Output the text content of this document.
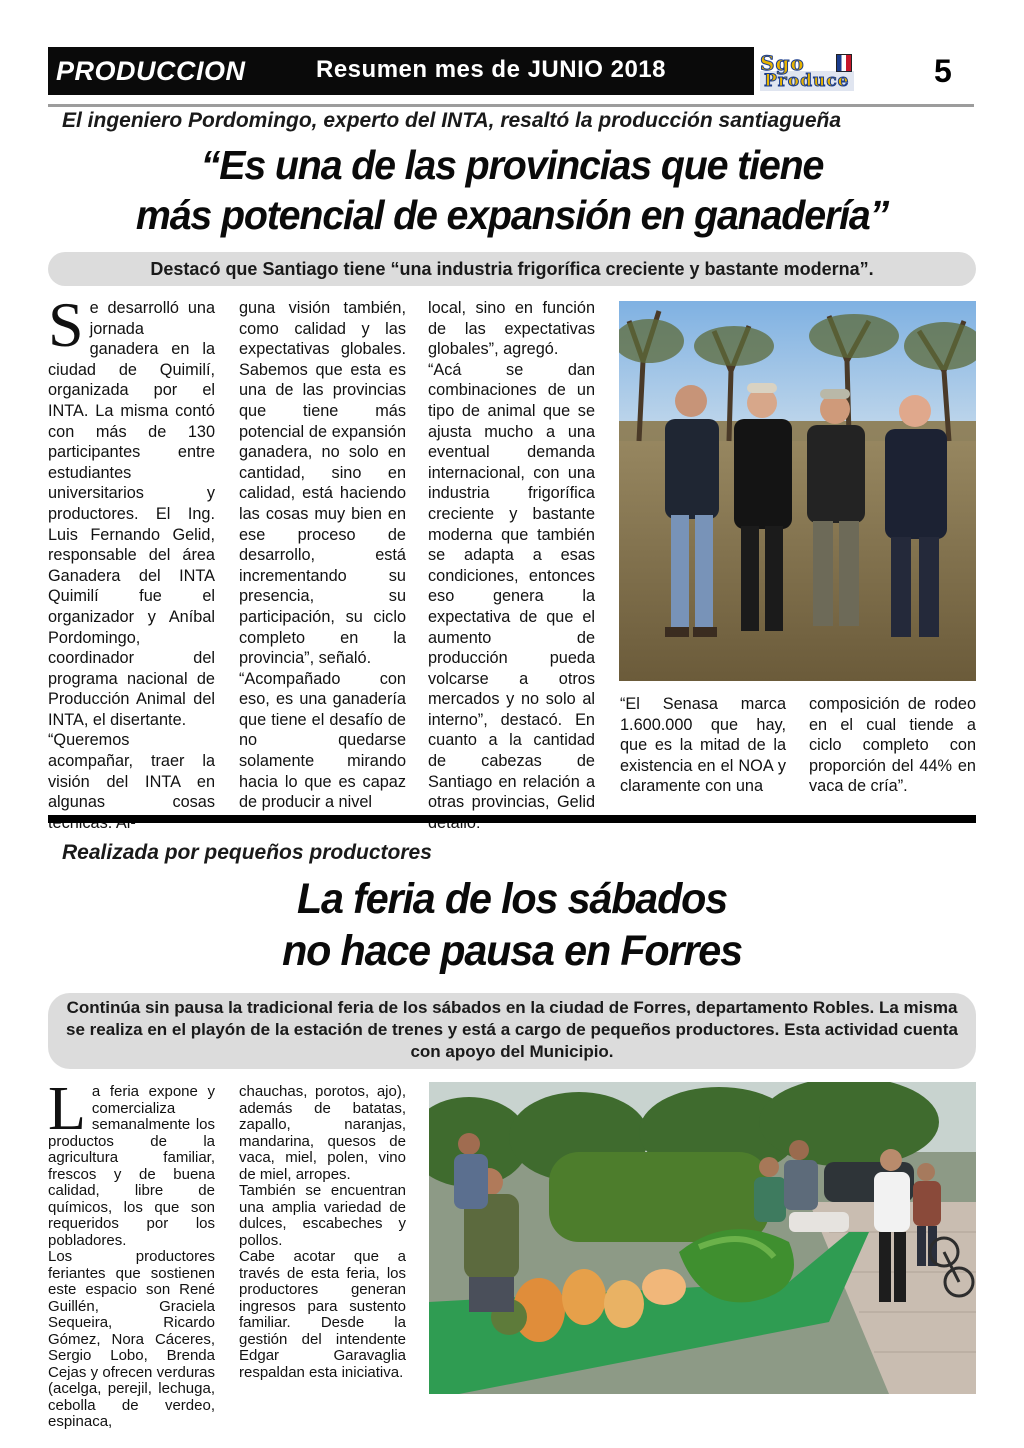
PRODUCCION	Resumen mes de JUNIO 2018	Sgo
Produce	5
El ingeniero Pordomingo, experto del INTA, resaltó la producción santiagueña
“Es una de las provincias que tiene
más potencial de expansión en ganadería”
Destacó que Santiago tiene “una industria frigorífica creciente y bastante moderna”.
S e desarrolló una jornada ganadera en la ciudad de Quimilí, organizada por el INTA. La misma contó con más de 130 participantes entre estudiantes universitarios y productores. El Ing. Luis Fernando Gelid, responsable del área Ganadera del INTA Quimilí fue el organizador y Aníbal Pordomingo, coordinador del programa nacional de Producción Animal del INTA, el disertante.
“Queremos acompañar, traer la visión del INTA en algunas cosas
guna visión también, como calidad y las expectativas globales. Sabemos que esta es una de las provincias que tiene más potencial de expansión ganadera, no solo en cantidad, sino en calidad, está haciendo las cosas muy bien en ese proceso de desarrollo, está incrementando su presencia, su participación, su ciclo completo en la provincia”, señaló.
“Acompañado con eso, es una ganadería que tiene el desafío de no quedarse solamente mirando hacia lo que es capaz de producir a nivel
local, sino en función de las expectativas globales”, agregó.
“Acá se dan combinaciones de un tipo de animal que se ajusta mucho a una eventual demanda internacional, con una industria frigorífica creciente y bastante moderna que también se adapta a esas condiciones, entonces eso genera la expectativa de que el aumento de producción pueda volcarse a otros mercados y no solo al interno”, destacó. En cuanto a la cantidad de cabezas de Santiago en relación a otras provincias, Gelid
“El Senasa marca 1.600.000 que hay, que es la mitad de la existencia en el NOA y claramente con una
composición de rodeo en el cual tiende a ciclo completo con proporción del 44% en vaca de cría”.
Realizada por pequeños productores
La feria de los sábados
no hace pausa en Forres
Continúa sin pausa la tradicional feria de los sábados en la ciudad de Forres, departamento Robles. La misma se realiza en el playón de la estación de trenes y está a cargo de pequeños productores. Esta actividad cuenta con apoyo del Municipio.
L a feria expone y comercializa semanalmente los productos de la agricultura familiar, frescos y de buena calidad, libre de químicos, los que son requeridos por los pobladores.
Los productores feriantes que sostienen este espacio son René Guillén, Graciela Sequeira, Ricardo Gómez, Nora Cáceres, Sergio Lobo, Brenda Cejas y ofrecen verduras (acelga, perejil, lechuga, cebolla de verdeo, espinaca,
chauchas, porotos, ajo), además de batatas, zapallo, naranjas, mandarina, quesos de vaca, miel, polen, vino de miel, arropes.
También se encuentran una amplia variedad de dulces, escabeches y pollos.
Cabe acotar que a través de esta feria, los productores generan ingresos para sustento familiar. Desde la gestión del intendente Edgar Garavaglia respaldan esta iniciativa.
